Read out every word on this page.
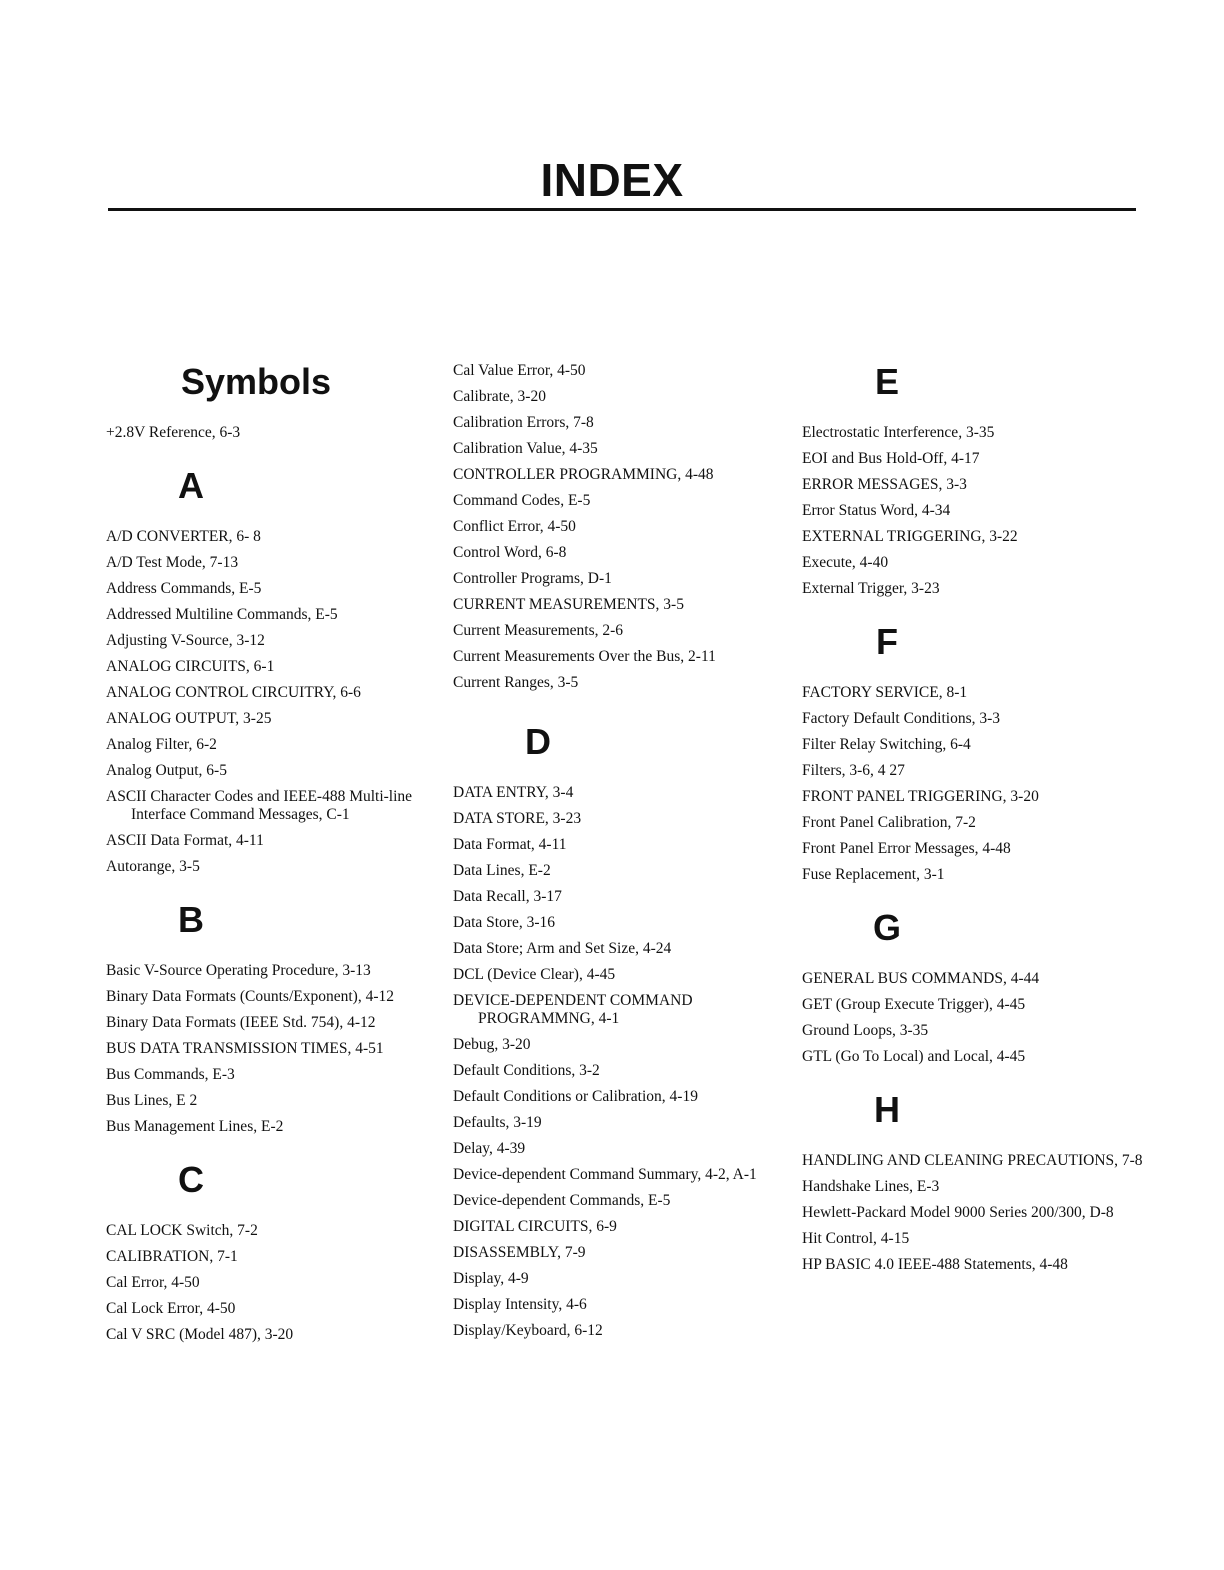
INDEX
Symbols
+2.8V Reference, 6-3
A
A/D CONVERTER, 6- 8
A/D Test Mode, 7-13
Address Commands, E-5
Addressed Multiline Commands, E-5
Adjusting V-Source, 3-12
ANALOG CIRCUITS, 6-1
ANALOG CONTROL CIRCUITRY, 6-6
ANALOG OUTPUT, 3-25
Analog Filter, 6-2
Analog Output, 6-5
ASCII Character Codes and IEEE-488 Multi-line Interface Command Messages, C-1
ASCII Data Format, 4-11
Autorange, 3-5
B
Basic V-Source Operating Procedure, 3-13
Binary Data Formats (Counts/Exponent), 4-12
Binary Data Formats (IEEE Std. 754), 4-12
BUS DATA TRANSMISSION TIMES, 4-51
Bus Commands, E-3
Bus Lines, E 2
Bus Management Lines, E-2
C
CAL LOCK Switch, 7-2
CALIBRATION, 7-1
Cal Error, 4-50
Cal Lock Error, 4-50
Cal V SRC (Model 487), 3-20
Cal Value Error, 4-50
Calibrate, 3-20
Calibration Errors, 7-8
Calibration Value, 4-35
CONTROLLER PROGRAMMING, 4-48
Command Codes, E-5
Conflict Error, 4-50
Control Word, 6-8
Controller Programs, D-1
CURRENT MEASUREMENTS, 3-5
Current Measurements, 2-6
Current Measurements Over the Bus, 2-11
Current Ranges, 3-5
D
DATA ENTRY, 3-4
DATA STORE, 3-23
Data Format, 4-11
Data Lines, E-2
Data Recall, 3-17
Data Store, 3-16
Data Store; Arm and Set Size, 4-24
DCL (Device Clear), 4-45
DEVICE-DEPENDENT COMMAND PROGRAMMNG, 4-1
Debug, 3-20
Default Conditions, 3-2
Default Conditions or Calibration, 4-19
Defaults, 3-19
Delay, 4-39
Device-dependent Command Summary, 4-2, A-1
Device-dependent Commands, E-5
DIGITAL CIRCUITS, 6-9
DISASSEMBLY, 7-9
Display, 4-9
Display Intensity, 4-6
Display/Keyboard, 6-12
E
Electrostatic Interference, 3-35
EOI and Bus Hold-Off, 4-17
ERROR MESSAGES, 3-3
Error Status Word, 4-34
EXTERNAL TRIGGERING, 3-22
Execute, 4-40
External Trigger, 3-23
F
FACTORY SERVICE, 8-1
Factory Default Conditions, 3-3
Filter Relay Switching, 6-4
Filters, 3-6, 4 27
FRONT PANEL TRIGGERING, 3-20
Front Panel Calibration, 7-2
Front Panel Error Messages, 4-48
Fuse Replacement, 3-1
G
GENERAL BUS COMMANDS, 4-44
GET (Group Execute Trigger), 4-45
Ground Loops, 3-35
GTL (Go To Local) and Local, 4-45
H
HANDLING AND CLEANING PRECAUTIONS, 7-8
Handshake Lines, E-3
Hewlett-Packard Model 9000 Series 200/300, D-8
Hit Control, 4-15
HP BASIC 4.0 IEEE-488 Statements, 4-48
